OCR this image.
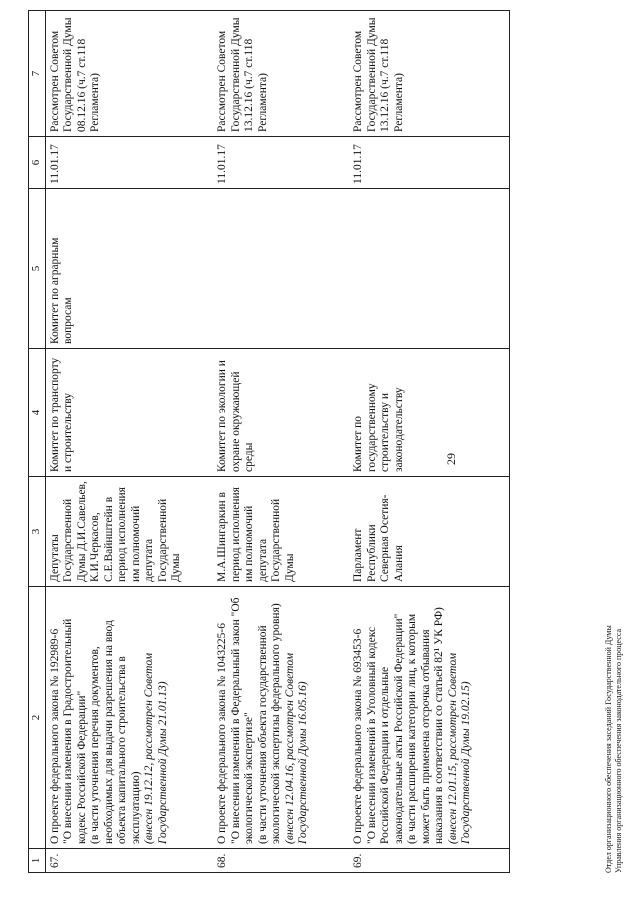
29
1	2	3	4	5	6	7
67.	О проекте федерального закона № 192989-6 "О внесении изменения в Градостроительный кодекс Российской Федерации" (в части уточнения перечня документов, необходимых для выдачи разрешения на ввод объекта капитального строительства в эксплуатацию) (внесен 19.12.12, рассмотрен Советом Государственной Думы 21.01.13)	Депутаты Государственной Думы Д.И.Савельев, К.И.Черкасов, С.Е.Вайнштейн в период исполнения им полномочий депутата Государственной Думы	Комитет по транспорту и строительству	Комитет по аграрным вопросам	11.01.17	Рассмотрен Советом Государственной Думы 08.12.16 (ч.7 ст.118 Регламента)
68.	О проекте федерального закона № 1043225-6 "О внесении изменений в Федеральный закон "Об экологической экспертизе" (в части уточнения объекта государственной экологической экспертизы федерального уровня) (внесен 12.04.16, рассмотрен Советом Государственной Думы 16.05.16)	М.А.Шингаркин в период исполнения им полномочий депутата Государственной Думы	Комитет по экологии и охране окружающей среды		11.01.17	Рассмотрен Советом Государственной Думы 13.12.16 (ч.7 ст.118 Регламента)
69.	О проекте федерального закона № 693453-6 "О внесении изменений в Уголовный кодекс Российской Федерации и отдельные законодательные акты Российской Федерации" (в части расширения категории лиц, к которым может быть применена отсрочка отбывания наказания в соответствии со статьей 82¹ УК РФ) (внесен 12.01.15, рассмотрен Советом Государственной Думы 19.02.15)	Парламент Республики Северная Осетия-Алания	Комитет по государственному строительству и законодательству		11.01.17	Рассмотрен Советом Государственной Думы 13.12.16 (ч.7 ст.118 Регламента)
Отдел организационного обеспечения заседаний Государственной Думы Управления организационного обеспечения законодательного процесса
